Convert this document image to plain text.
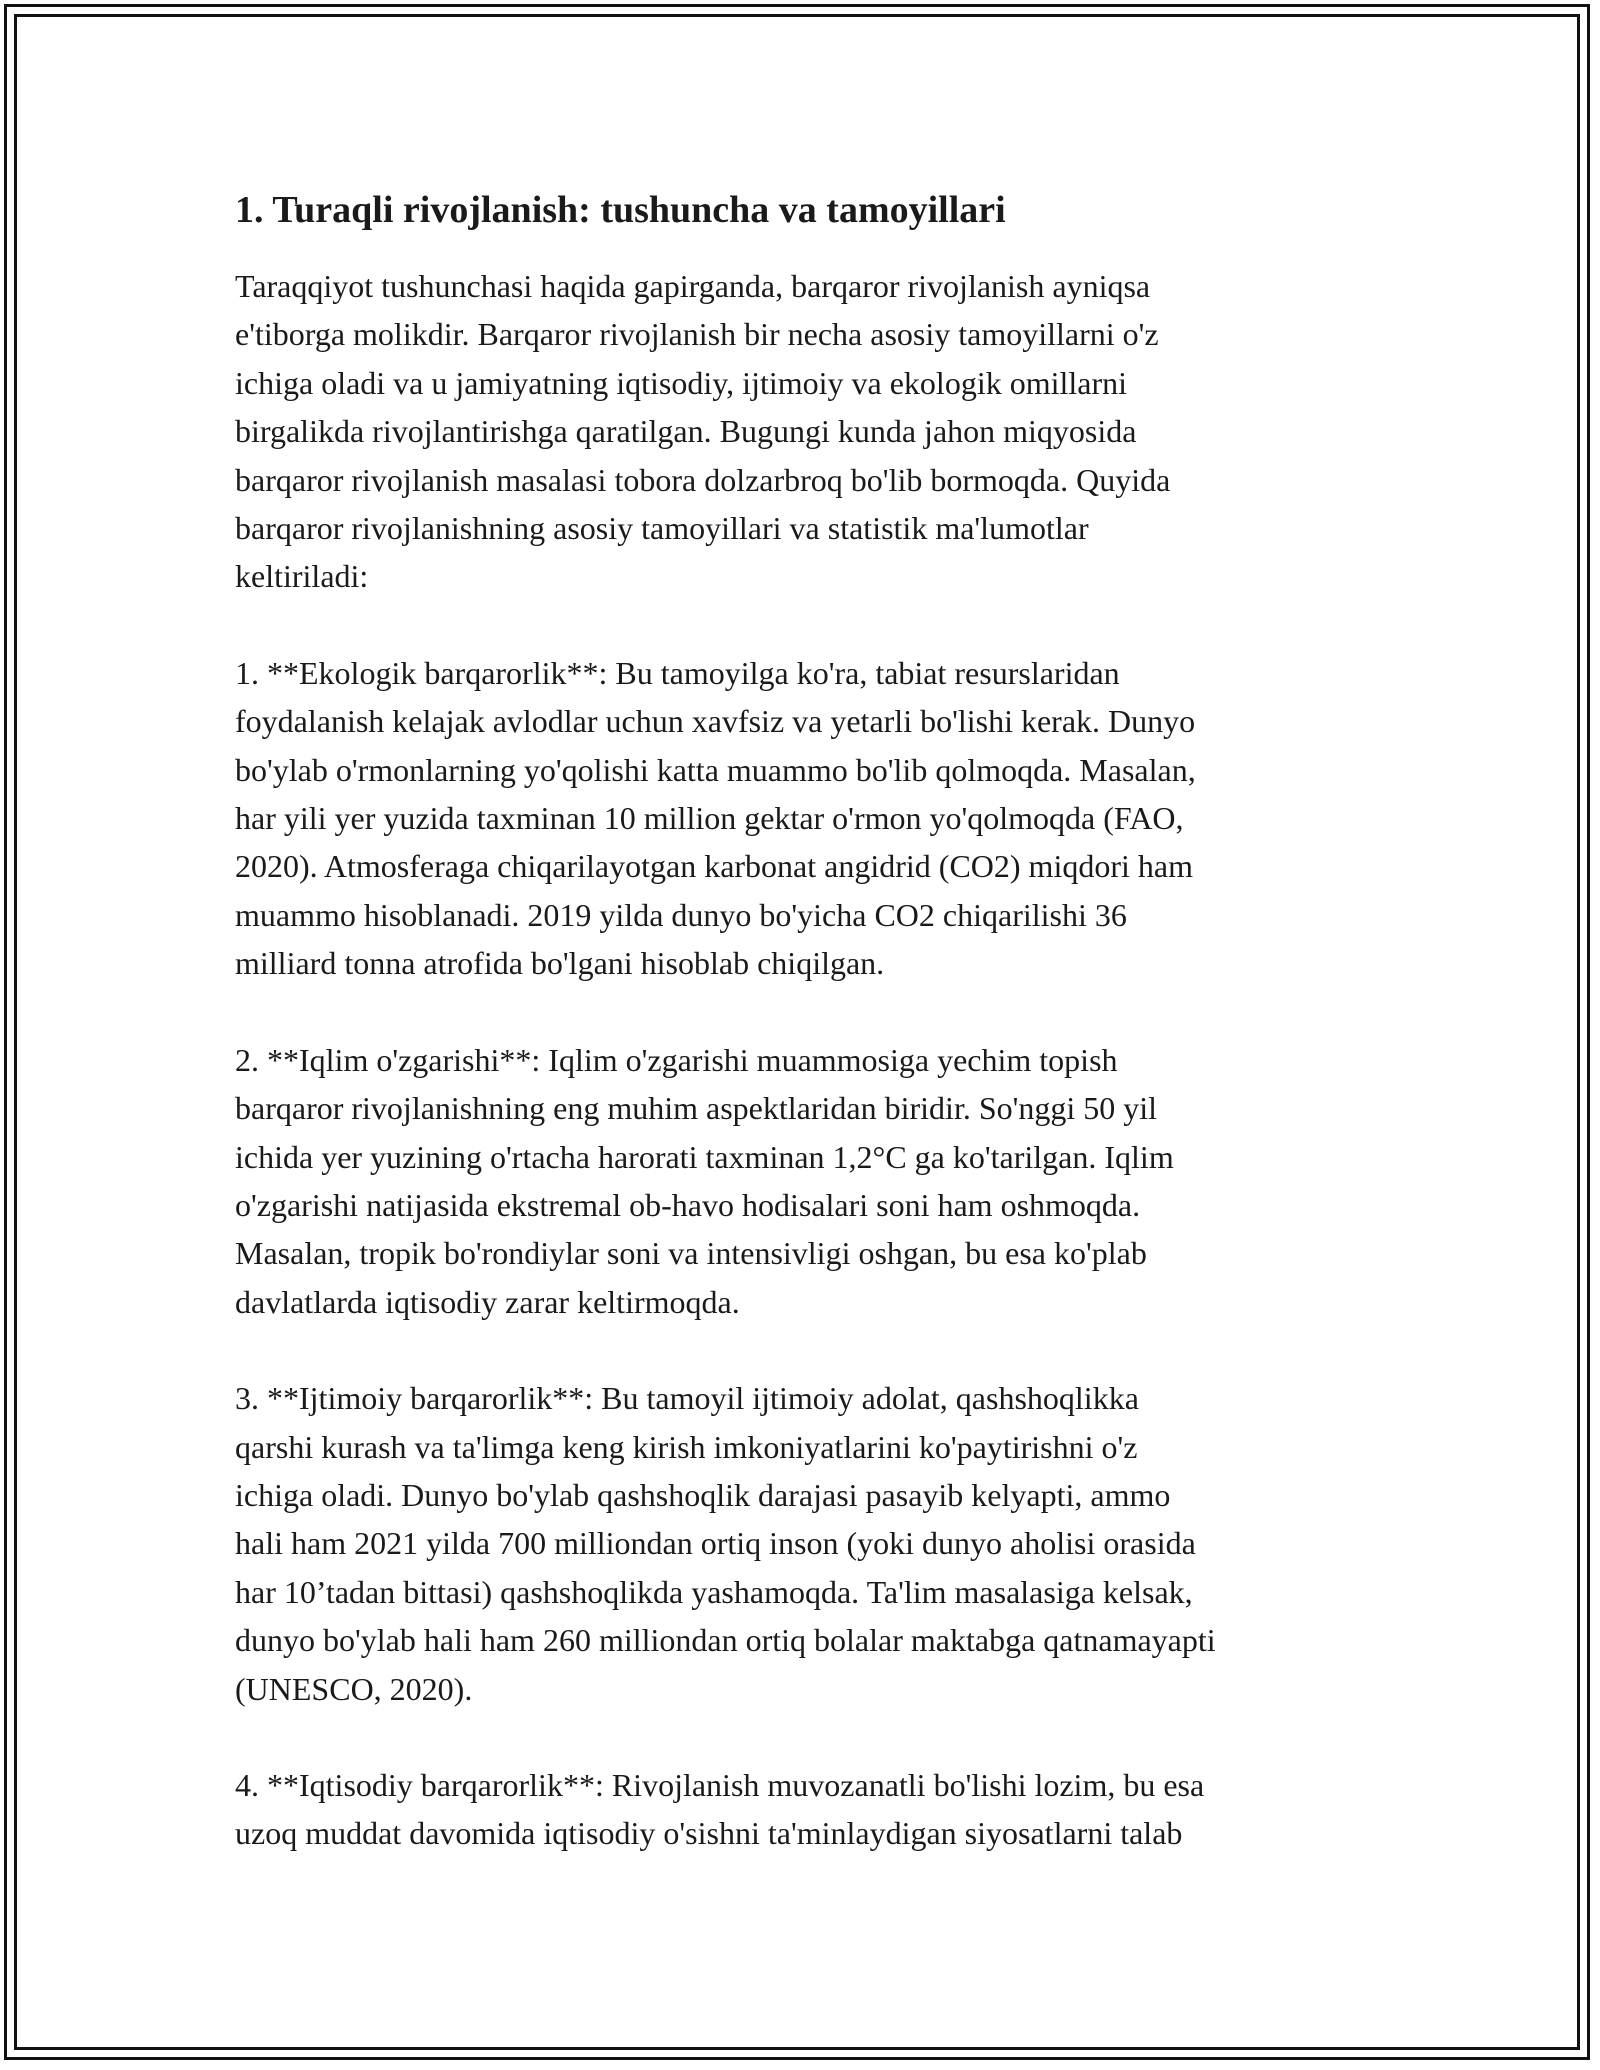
1. Turaqli rivojlanish: tushuncha va tamoyillari

Taraqqiyot tushunchasi haqida gapirganda, barqaror rivojlanish ayniqsa
e'tiborga molikdir. Barqaror rivojlanish bir necha asosiy tamoyillarni o'z
ichiga oladi va u jamiyatning iqtisodiy, ijtimoiy va ekologik omillarni
birgalikda rivojlantirishga qaratilgan. Bugungi kunda jahon miqyosida
barqaror rivojlanish masalasi tobora dolzarbroq bo'lib bormoqda. Quyida
barqaror rivojlanishning asosiy tamoyillari va statistik ma'lumotlar
keltiriladi:

1. **Ekologik barqarorlik**: Bu tamoyilga ko'ra, tabiat resurslaridan
foydalanish kelajak avlodlar uchun xavfsiz va yetarli bo'lishi kerak. Dunyo
bo'ylab o'rmonlarning yo'qolishi katta muammo bo'lib qolmoqda. Masalan,
har yili yer yuzida taxminan 10 million gektar o'rmon yo'qolmoqda (FAO,
2020). Atmosferaga chiqarilayotgan karbonat angidrid (CO2) miqdori ham
muammo hisoblanadi. 2019 yilda dunyo bo'yicha CO2 chiqarilishi 36
milliard tonna atrofida bo'lgani hisoblab chiqilgan.

2. **Iqlim o'zgarishi**: Iqlim o'zgarishi muammosiga yechim topish
barqaror rivojlanishning eng muhim aspektlaridan biridir. So'nggi 50 yil
ichida yer yuzining o'rtacha harorati taxminan 1,2°C ga ko'tarilgan. Iqlim
o'zgarishi natijasida ekstremal ob-havo hodisalari soni ham oshmoqda.
Masalan, tropik bo'rondiylar soni va intensivligi oshgan, bu esa ko'plab
davlatlarda iqtisodiy zarar keltirmoqda.

3. **Ijtimoiy barqarorlik**: Bu tamoyil ijtimoiy adolat, qashshoqlikka
qarshi kurash va ta'limga keng kirish imkoniyatlarini ko'paytirishni o'z
ichiga oladi. Dunyo bo'ylab qashshoqlik darajasi pasayib kelyapti, ammo
hali ham 2021 yilda 700 milliondan ortiq inson (yoki dunyo aholisi orasida
har 10’tadan bittasi) qashshoqlikda yashamoqda. Ta'lim masalasiga kelsak,
dunyo bo'ylab hali ham 260 milliondan ortiq bolalar maktabga qatnamayapti
(UNESCO, 2020).

4. **Iqtisodiy barqarorlik**: Rivojlanish muvozanatli bo'lishi lozim, bu esa
uzoq muddat davomida iqtisodiy o'sishni ta'minlaydigan siyosatlarni talab
